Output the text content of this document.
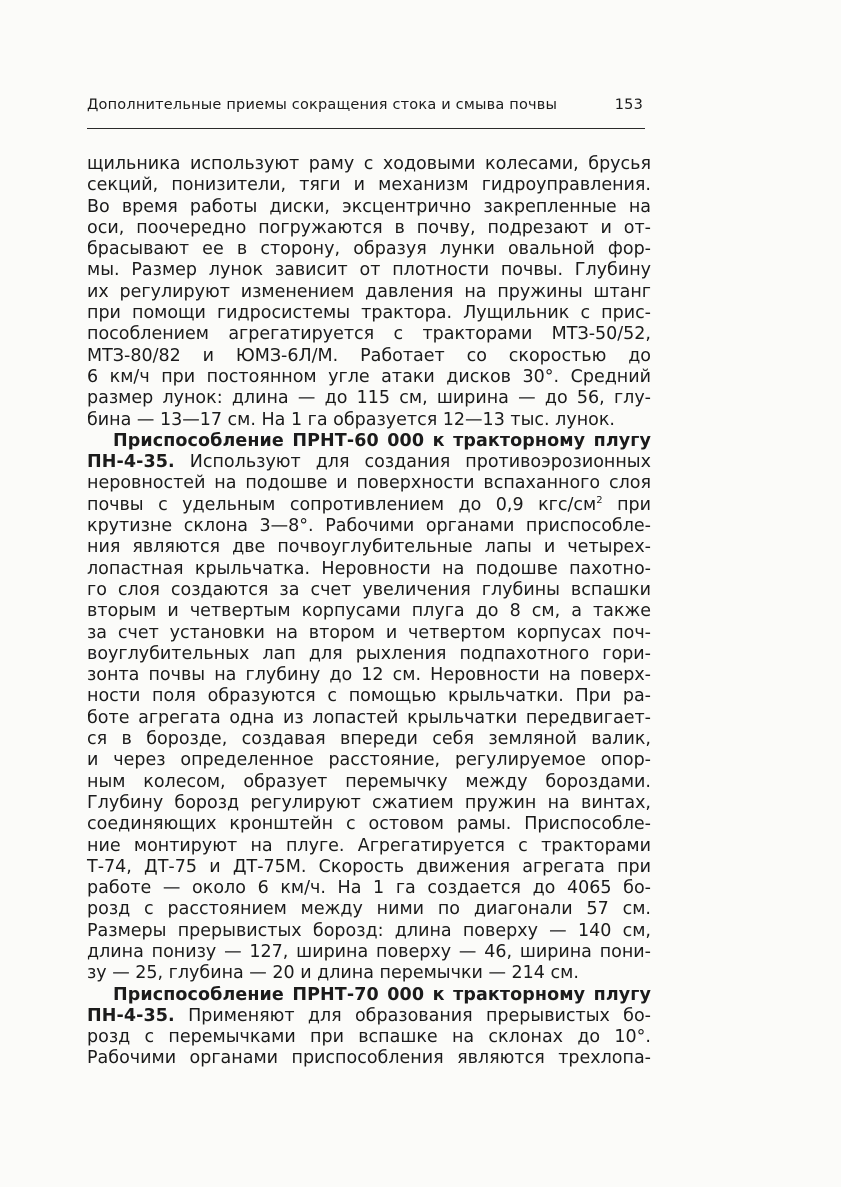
Дополнительные приемы сокращения стока и смыва почвы	153
щильника используют раму с ходовыми колесами, брусья
секций, понизители, тяги и механизм гидроуправления.
Во время работы диски, эксцентрично закрепленные на
оси, поочередно погружаются в почву, подрезают и от-
брасывают ее в сторону, образуя лунки овальной фор-
мы. Размер лунок зависит от плотности почвы. Глубину
их регулируют изменением давления на пружины штанг
при помощи гидросистемы трактора. Лущильник с прис-
пособлением агрегатируется с тракторами МТЗ-50/52,
МТЗ-80/82 и ЮМЗ-6Л/М. Работает со скоростью до
6 км/ч при постоянном угле атаки дисков 30°. Средний
размер лунок: длина — до 115 см, ширина — до 56, глу-
бина — 13—17 см. На 1 га образуется 12—13 тыс. лунок.
Приспособление ПРНТ-60 000 к тракторному плугу
ПН-4-35. Используют для создания противоэрозионных
неровностей на подошве и поверхности вспаханного слоя
почвы с удельным сопротивлением до 0,9 кгс/$см^2$ при
крутизне склона 3—8°. Рабочими органами приспособле-
ния являются две почвоуглубительные лапы и четырех-
лопастная крыльчатка. Неровности на подошве пахотно-
го слоя создаются за счет увеличения глубины вспашки
вторым и четвертым корпусами плуга до 8 см, а также
за счет установки на втором и четвертом корпусах поч-
воуглубительных лап для рыхления подпахотного гори-
зонта почвы на глубину до 12 см. Неровности на поверх-
ности поля образуются с помощью крыльчатки. При ра-
боте агрегата одна из лопастей крыльчатки передвигает-
ся в борозде, создавая впереди себя земляной валик,
и через определенное расстояние, регулируемое опор-
ным колесом, образует перемычку между бороздами.
Глубину борозд регулируют сжатием пружин на винтах,
соединяющих кронштейн с остовом рамы. Приспособле-
ние монтируют на плуге. Агрегатируется с тракторами
Т-74, ДТ-75 и ДТ-75М. Скорость движения агрегата при
работе — около 6 км/ч. На 1 га создается до 4065 бо-
розд с расстоянием между ними по диагонали 57 см.
Размеры прерывистых борозд: длина поверху — 140 см,
длина понизу — 127, ширина поверху — 46, ширина пони-
зу — 25, глубина — 20 и длина перемычки — 214 см.
Приспособление ПРНТ-70 000 к тракторному плугу
ПН-4-35. Применяют для образования прерывистых бо-
розд с перемычками при вспашке на склонах до 10°.
Рабочими органами приспособления являются трехлопа-
